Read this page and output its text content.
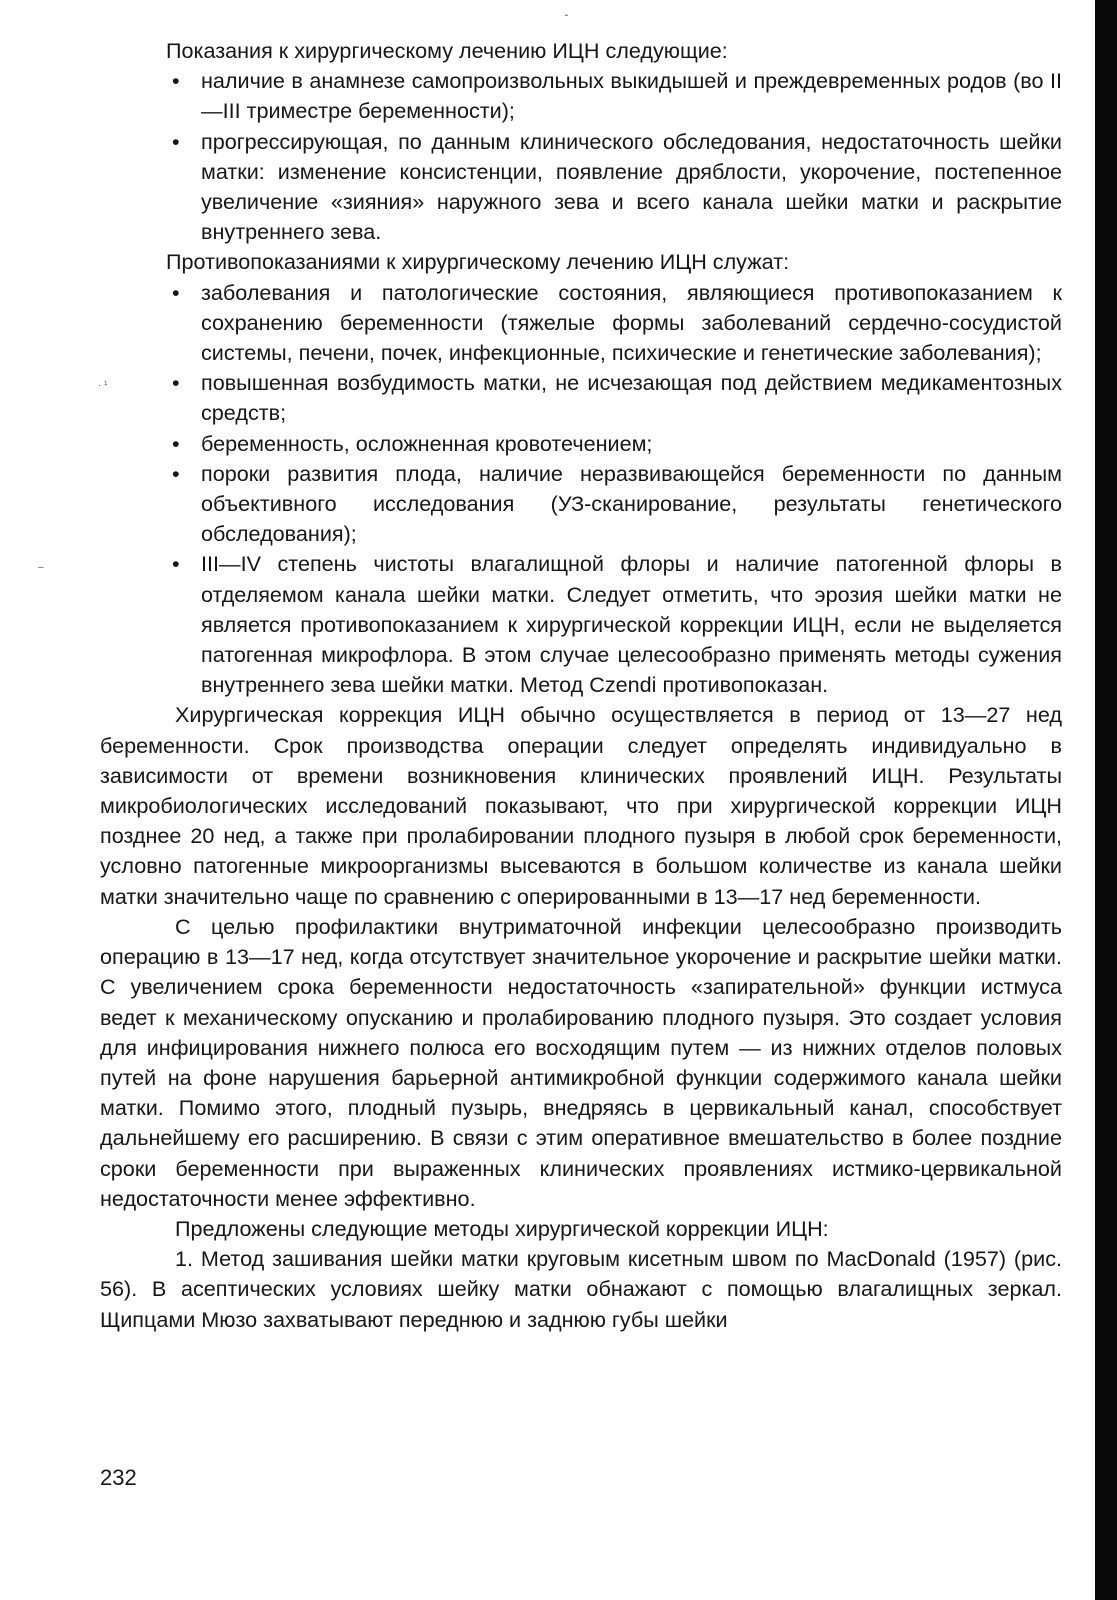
˘
· ¹
–

Показания к хирургическому лечению ИЦН следующие:

• наличие в анамнезе самопроизвольных выкидышей и преждевременных родов (во II—III триместре беременности);
• прогрессирующая, по данным клинического обследования, недостаточность шейки матки: изменение консистенции, появление дряблости, укорочение, постепенное увеличение «зияния» наружного зева и всего канала шейки матки и раскрытие внутреннего зева.

Противопоказаниями к хирургическому лечению ИЦН служат:

• заболевания и патологические состояния, являющиеся противопоказанием к сохранению беременности (тяжелые формы заболеваний сердечно-сосудистой системы, печени, почек, инфекционные, психические и генетические заболевания);
• повышенная возбудимость матки, не исчезающая под действием медикаментозных средств;
• беременность, осложненная кровотечением;
• пороки развития плода, наличие неразвивающейся беременности по данным объективного исследования (УЗ-сканирование, результаты генетического обследования);
• III—IV степень чистоты влагалищной флоры и наличие патогенной флоры в отделяемом канала шейки матки. Следует отметить, что эрозия шейки матки не является противопоказанием к хирургической коррекции ИЦН, если не выделяется патогенная микрофлора. В этом случае целесообразно применять методы сужения внутреннего зева шейки матки. Метод Czendi противопоказан.

Хирургическая коррекция ИЦН обычно осуществляется в период от 13—27 нед беременности. Срок производства операции следует определять индивидуально в зависимости от времени возникновения клинических проявлений ИЦН. Результаты микробиологических исследований показывают, что при хирургической коррекции ИЦН позднее 20 нед, а также при пролабировании плодного пузыря в любой срок беременности, условно патогенные микроорганизмы высеваются в большом количестве из канала шейки матки значительно чаще по сравнению с оперированными в 13—17 нед беременности.

С целью профилактики внутриматочной инфекции целесообразно производить операцию в 13—17 нед, когда отсутствует значительное укорочение и раскрытие шейки матки. С увеличением срока беременности недостаточность «запирательной» функции истмуса ведет к механическому опусканию и пролабированию плодного пузыря. Это создает условия для инфицирования нижнего полюса его восходящим путем — из нижних отделов половых путей на фоне нарушения барьерной антимикробной функции содержимого канала шейки матки. Помимо этого, плодный пузырь, внедряясь в цервикальный канал, способствует дальнейшему его расширению. В связи с этим оперативное вмешательство в более поздние сроки беременности при выраженных клинических проявлениях истмико-цервикальной недостаточности менее эффективно.

Предложены следующие методы хирургической коррекции ИЦН:

1. Метод зашивания шейки матки круговым кисетным швом по MacDonald (1957) (рис. 56). В асептических условиях шейку матки обнажают с помощью влагалищных зеркал. Щипцами Мюзо захватывают переднюю и заднюю губы шейки

232
